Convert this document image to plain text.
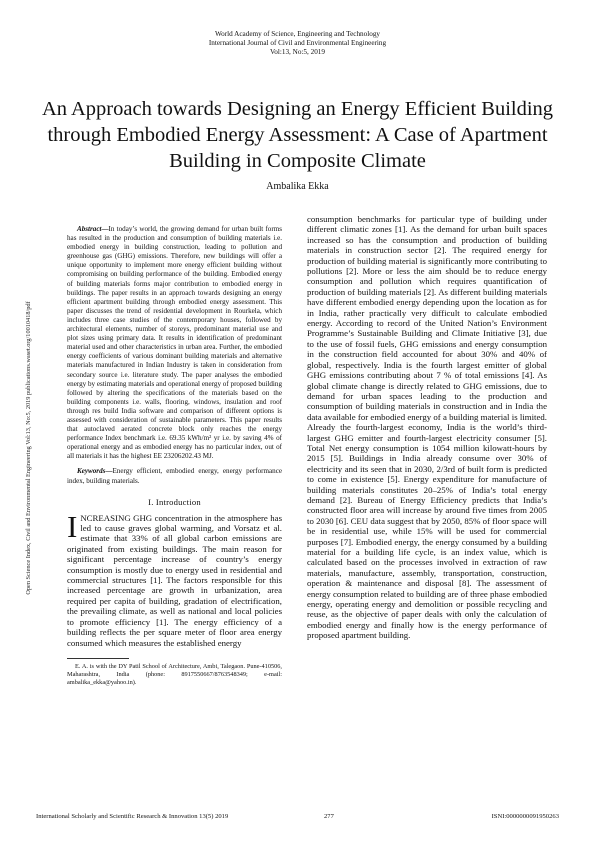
World Academy of Science, Engineering and Technology
International Journal of Civil and Environmental Engineering
Vol:13, No:5, 2019
An Approach towards Designing an Energy Efficient Building through Embodied Energy Assessment: A Case of Apartment Building in Composite Climate
Ambalika Ekka
Open Science Index, Civil and Environmental Engineering Vol:13, No:5, 2019 publications.waset.org/10010418/pdf

Abstract—In today’s world, the growing demand for urban built forms has resulted in the production and consumption of building materials i.e. embodied energy in building construction, leading to pollution and greenhouse gas (GHG) emissions. Therefore, new buildings will offer a unique opportunity to implement more energy efficient building without compromising on building performance of the building. Embodied energy of building materials forms major contribution to embodied energy in buildings. The paper results in an approach towards designing an energy efficient apartment building through embodied energy assessment. This paper discusses the trend of residential development in Rourkela, which includes three case studies of the contemporary houses, followed by architectural elements, number of storeys, predominant material use and plot sizes using primary data. It results in identification of predominant material used and other characteristics in urban area. Further, the embodied energy coefficients of various dominant building materials and alternative materials manufactured in Indian Industry is taken in consideration from secondary source i.e. literature study. The paper analyses the embodied energy by estimating materials and operational energy of proposed building followed by altering the specifications of the materials based on the building components i.e. walls, flooring, windows, insulation and roof through res build India software and comparison of different options is assessed with consideration of sustainable parameters. This paper results that autoclaved aerated concrete block only reaches the energy performance Index benchmark i.e. 69.35 kWh/m² yr i.e. by saving 4% of operational energy and as embodied energy has no particular index, out of all materials it has the highest EE 23206202.43 MJ.

Keywords—Energy efficient, embodied energy, energy performance index, building materials.

I. Introduction

INCREASING GHG concentration in the atmosphere has led to cause graves global warming, and Vorsatz et al. estimate that 33% of all global carbon emissions are originated from existing buildings. The main reason for significant percentage increase of country’s energy consumption is mostly due to energy used in residential and commercial structures [1]. The factors responsible for this increased percentage are growth in urbanization, area required per capita of building, gradation of electrification, the prevailing climate, as well as national and local policies to promote efficiency [1]. The energy efficiency of a building reflects the per square meter of floor area energy consumed which measures the established energy

E. A. is with the DY Patil School of Architecture, Ambi, Talegaon. Pune-410506, Maharashtra, India (phone: 8917550667/8763548349; e-mail: ambalika_ekka@yahoo.in).

consumption benchmarks for particular type of building under different climatic zones [1]. As the demand for urban built spaces increased so has the consumption and production of building materials in construction sector [2]. The required energy for production of building material is significantly more contributing to pollutions [2]. More or less the aim should be to reduce energy consumption and pollution which requires quantification of production of building materials [2]. As different building materials have different embodied energy depending upon the location as for in India, rather practically very difficult to calculate embodied energy. According to record of the United Nation’s Environment Programme’s Sustainable Building and Climate Initiative [3], due to the use of fossil fuels, GHG emissions and energy consumption in the construction field accounted for about 30% and 40% of global, respectively. India is the fourth largest emitter of global GHG emissions contributing about 7 % of total emissions [4]. As global climate change is directly related to GHG emissions, due to demand for urban spaces leading to the production and consumption of building materials in construction and in India the data available for embodied energy of a building material is limited. Already the fourth-largest economy, India is the world’s third-largest GHG emitter and fourth-largest electricity consumer [5]. Total Net energy consumption is 1054 million kilowatt-hours by 2015 [5]. Buildings in India already consume over 30% of electricity and its seen that in 2030, 2/3rd of built form is predicted to come in existence [5]. Energy expenditure for manufacture of building materials constitutes 20–25% of India’s total energy demand [2]. Bureau of Energy Efficiency predicts that India’s constructed floor area will increase by around five times from 2005 to 2030 [6]. CEU data suggest that by 2050, 85% of floor space will be in residential use, while 15% will be used for commercial purposes [7]. Embodied energy, the energy consumed by a building material for a building life cycle, is an index value, which is calculated based on the processes involved in extraction of raw materials, manufacture, assembly, transportation, construction, operation & maintenance and disposal [8]. The assessment of energy consumption related to building are of three phase embodied energy, operating energy and demolition or possible recycling and reuse, as the objective of paper deals with only the calculation of embodied energy and finally how is the energy performance of proposed apartment building.

International Scholarly and Scientific Research & Innovation 13(5) 2019	277	ISNI:0000000091950263
